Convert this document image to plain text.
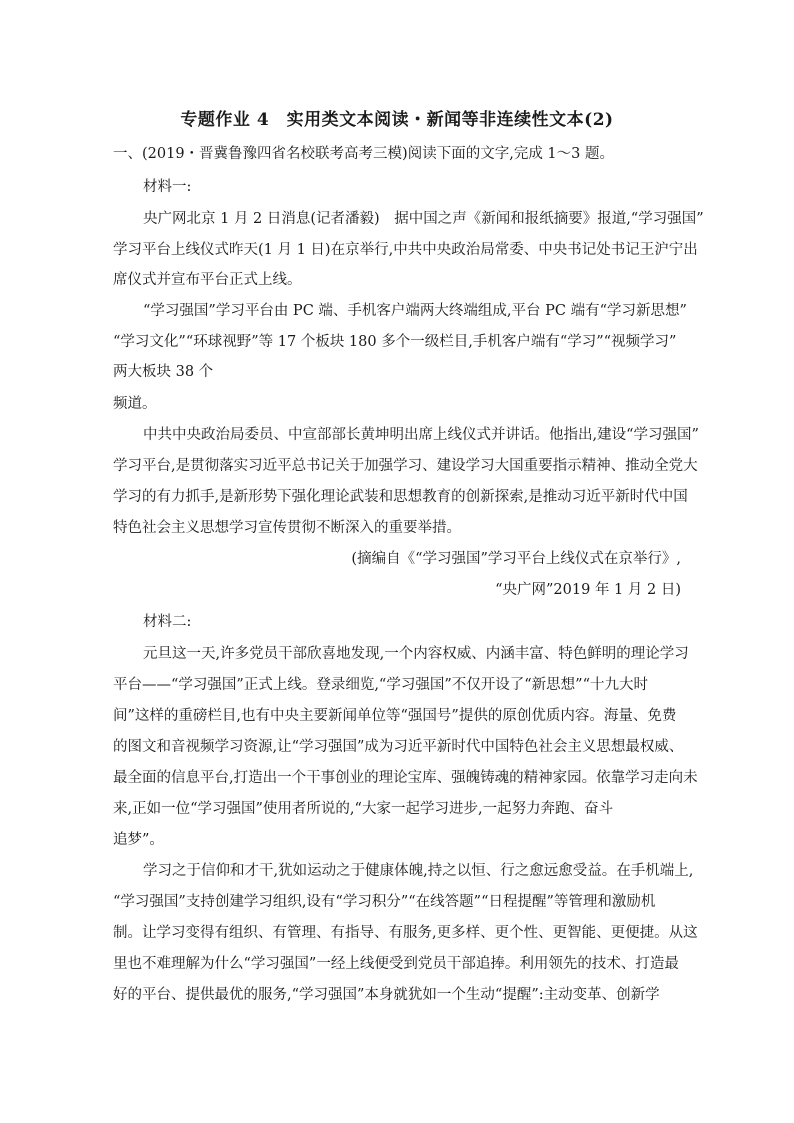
专题作业 4　实用类文本阅读・新闻等非连续性文本(2)
一、(2019・晋冀鲁豫四省名校联考高考三模)阅读下面的文字,完成 1～3 题。
材料一:
央广网北京 1 月 2 日消息(记者潘毅)　据中国之声《新闻和报纸摘要》报道,“学习强国”
学习平台上线仪式昨天(1 月 1 日)在京举行,中共中央政治局常委、中央书记处书记王沪宁出
席仪式并宣布平台正式上线。
“学习强国”学习平台由 PC 端、手机客户端两大终端组成,平台 PC 端有“学习新思想”
“学习文化”“环球视野”等 17 个板块 180 多个一级栏目,手机客户端有“学习”“视频学习”
两大板块 38 个
频道。
中共中央政治局委员、中宣部部长黄坤明出席上线仪式并讲话。他指出,建设“学习强国”
学习平台,是贯彻落实习近平总书记关于加强学习、建设学习大国重要指示精神、推动全党大
学习的有力抓手,是新形势下强化理论武装和思想教育的创新探索,是推动习近平新时代中国
特色社会主义思想学习宣传贯彻不断深入的重要举措。
(摘编自《“学习强国”学习平台上线仪式在京举行》,
“央广网”2019 年 1 月 2 日)
材料二:
元旦这一天,许多党员干部欣喜地发现,一个内容权威、内涵丰富、特色鲜明的理论学习
平台——“学习强国”正式上线。登录细览,“学习强国”不仅开设了“新思想”“十九大时
间”这样的重磅栏目,也有中央主要新闻单位等“强国号”提供的原创优质内容。海量、免费
的图文和音视频学习资源,让“学习强国”成为习近平新时代中国特色社会主义思想最权威、
最全面的信息平台,打造出一个干事创业的理论宝库、强魄铸魂的精神家园。依靠学习走向未
来,正如一位“学习强国”使用者所说的,“大家一起学习进步,一起努力奔跑、奋斗
追梦”。
学习之于信仰和才干,犹如运动之于健康体魄,持之以恒、行之愈远愈受益。在手机端上,
“学习强国”支持创建学习组织,设有“学习积分”“在线答题”“日程提醒”等管理和激励机
制。让学习变得有组织、有管理、有指导、有服务,更多样、更个性、更智能、更便捷。从这
里也不难理解为什么“学习强国”一经上线便受到党员干部追捧。利用领先的技术、打造最
好的平台、提供最优的服务,“学习强国”本身就犹如一个生动“提醒”:主动变革、创新学
